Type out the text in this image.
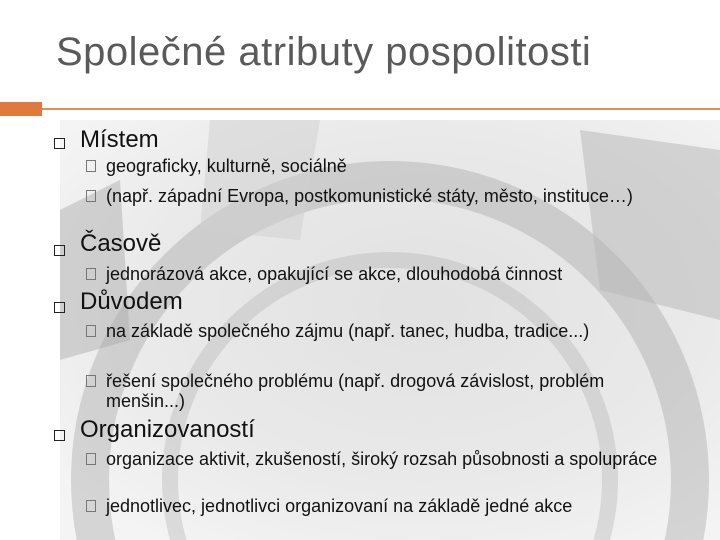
Společné atributy pospolitosti
Místem
geograficky, kulturně, sociálně
(např. západní Evropa, postkomunistické státy, město, instituce…)
Časově
jednorázová akce, opakující se akce, dlouhodobá činnost
Důvodem
na základě společného zájmu (např. tanec, hudba, tradice...)
řešení společného problému (např. drogová závislost, problém menšin...)
Organizovaností
organizace aktivit, zkušeností, široký rozsah působnosti a spolupráce
jednotlivec, jednotlivci organizovaní na základě jedné akce
